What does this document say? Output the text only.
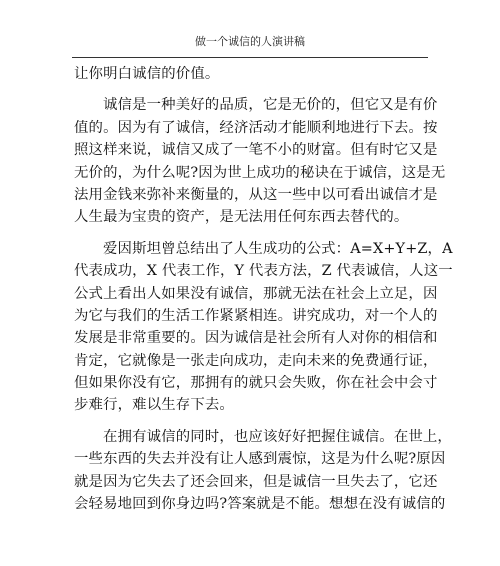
做一个诚信的人演讲稿
让你明白诚信的价值。
诚信是一种美好的品质，它是无价的，但它又是有价
值的。因为有了诚信，经济活动才能顺利地进行下去。按
照这样来说，诚信又成了一笔不小的财富。但有时它又是
无价的，为什么呢?因为世上成功的秘诀在于诚信，这是无
法用金钱来弥补来衡量的，从这一些中以可看出诚信才是
人生最为宝贵的资产，是无法用任何东西去替代的。
爱因斯坦曾总结出了人生成功的公式：A=X+Y+Z，A
代表成功，X 代表工作，Y 代表方法，Z 代表诚信，人这一
公式上看出人如果没有诚信，那就无法在社会上立足，因
为它与我们的生活工作紧紧相连。讲究成功，对一个人的
发展是非常重要的。因为诚信是社会所有人对你的相信和
肯定，它就像是一张走向成功，走向未来的免费通行证，
但如果你没有它，那拥有的就只会失败，你在社会中会寸
步难行，难以生存下去。
在拥有诚信的同时，也应该好好把握住诚信。在世上，
一些东西的失去并没有让人感到震惊，这是为什么呢?原因
就是因为它失去了还会回来，但是诚信一旦失去了，它还
会轻易地回到你身边吗?答案就是不能。想想在没有诚信的
